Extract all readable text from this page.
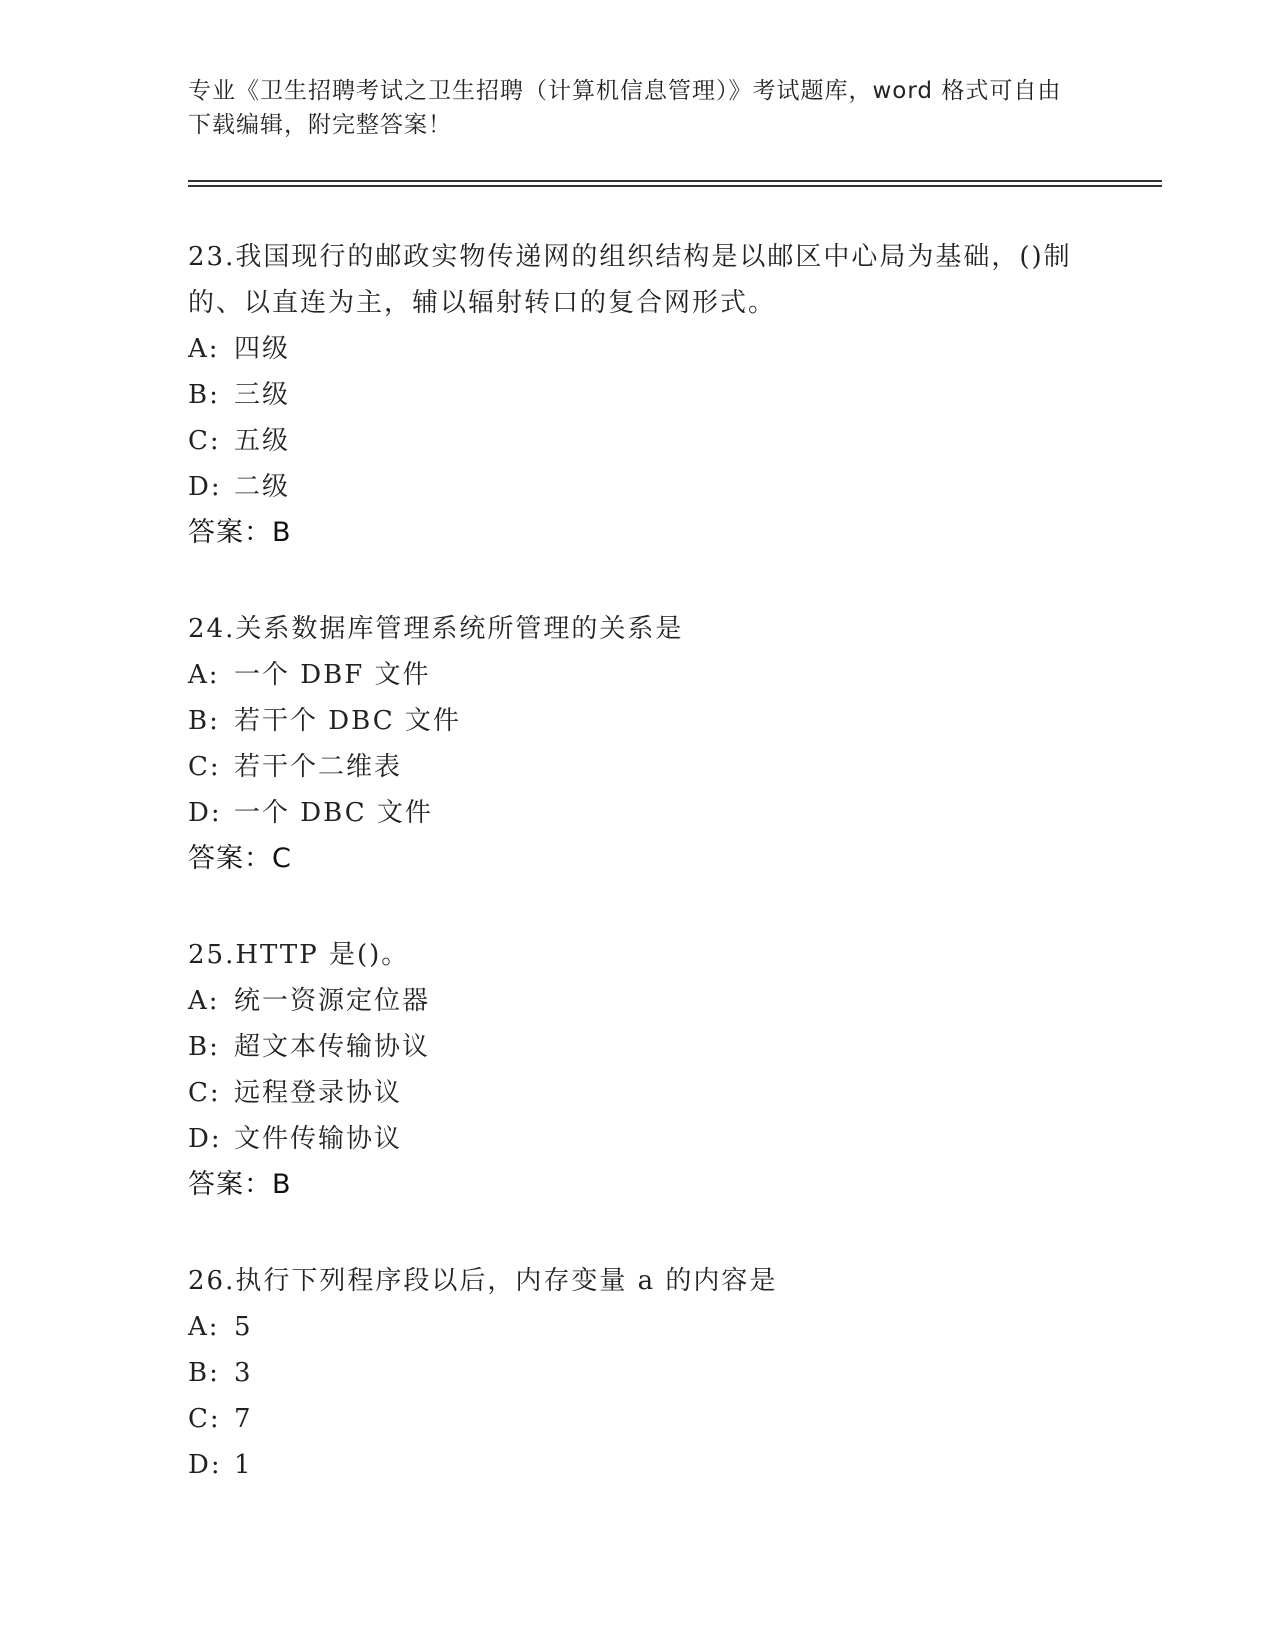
专业《卫生招聘考试之卫生招聘（计算机信息管理）》考试题库，word 格式可自由下载编辑，附完整答案！
23.我国现行的邮政实物传递网的组织结构是以邮区中心局为基础，()制的、以直连为主，辅以辐射转口的复合网形式。
A: 四级
B: 三级
C: 五级
D: 二级
答案：B
24.关系数据库管理系统所管理的关系是
A: 一个 DBF 文件
B: 若干个 DBC 文件
C: 若干个二维表
D: 一个 DBC 文件
答案：C
25.HTTP 是()。
A: 统一资源定位器
B: 超文本传输协议
C: 远程登录协议
D: 文件传输协议
答案：B
26.执行下列程序段以后，内存变量 a 的内容是
A: 5
B: 3
C: 7
D: 1
